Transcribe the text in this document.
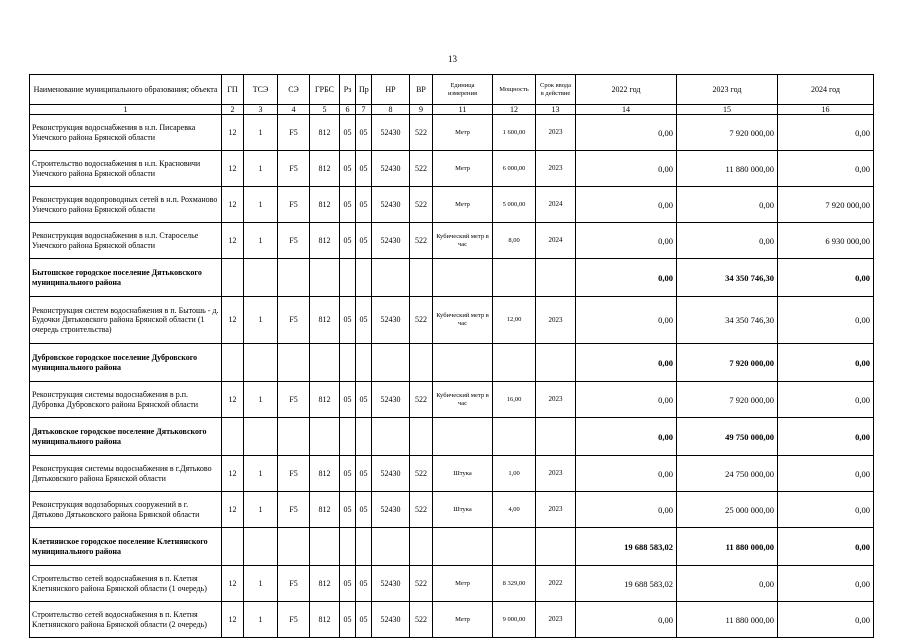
13
Наименование муниципального образования; объекта	ГП	ТСЭ	СЭ	ГРБС	Рз	Пр	НР	ВР	Единица измерения	Мощность	Срок ввода в действие	2022 год	2023 год	2024 год
1	2	3	4	5	6	7	8	9	11	12	13	14	15	16
Реконструкция водоснабжения в н.п. Писаревка Унечского района Брянской области	12	1	F5	812	05	05	52430	522	Метр	1 600,00	2023	0,00	7 920 000,00	0,00
Строительство водоснабжения в н.п. Красновичи Унечского района Брянской области	12	1	F5	812	05	05	52430	522	Метр	6 000,00	2023	0,00	11 880 000,00	0,00
Реконструкция водопроводных сетей в н.п. Рохманово Унечского района Брянской области	12	1	F5	812	05	05	52430	522	Метр	5 000,00	2024	0,00	0,00	7 920 000,00
Реконструкция водоснабжения в н.п. Старосельe Унечского района Брянской области	12	1	F5	812	05	05	52430	522	Кубический метр в час	8,00	2024	0,00	0,00	6 930 000,00
Бытошское городское поселение Дятьковского муниципального района												0,00	34 350 746,30	0,00
Реконструкция систем водоснабжения в п. Бытошь - д. Будочки Дятьковского района Брянской области (1 очередь строительства)	12	1	F5	812	05	05	52430	522	Кубический метр в час	12,00	2023	0,00	34 350 746,30	0,00
Дубровское городское поселение Дубровского муниципального района												0,00	7 920 000,00	0,00
Реконструкция системы водоснабжения в р.п. Дубровка Дубровского района Брянской области	12	1	F5	812	05	05	52430	522	Кубический метр в час	16,00	2023	0,00	7 920 000,00	0,00
Дятьковское городское поселение Дятьковского муниципального района												0,00	49 750 000,00	0,00
Реконструкция системы водоснабжения в г.Дятьково Дятьковского района Брянской области	12	1	F5	812	05	05	52430	522	Штука	1,00	2023	0,00	24 750 000,00	0,00
Реконструкция водозаборных сооружений в г. Дятьково Дятьковского района Брянской области	12	1	F5	812	05	05	52430	522	Штука	4,00	2023	0,00	25 000 000,00	0,00
Клетнянское городское поселение Клетнянского муниципального района												19 688 583,02	11 880 000,00	0,00
Строительство сетей водоснабжения в п. Клетня Клетнянского района Брянской области (1 очередь)	12	1	F5	812	05	05	52430	522	Метр	8 329,00	2022	19 688 583,02	0,00	0,00
Строительство сетей водоснабжения в п. Клетня Клетнянского района Брянской области (2 очередь)	12	1	F5	812	05	05	52430	522	Метр	9 000,00	2023	0,00	11 880 000,00	0,00
